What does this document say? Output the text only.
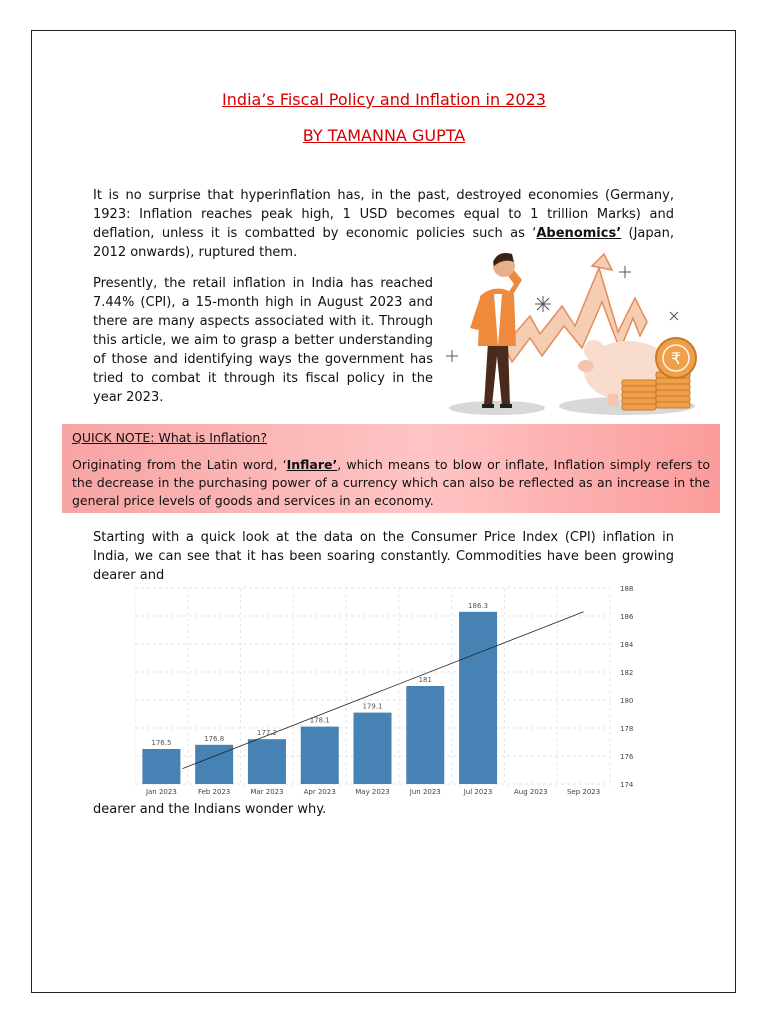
India’s Fiscal Policy and Inflation in 2023
BY TAMANNA GUPTA

It is no surprise that hyperinflation has, in the past, destroyed economies (Germany, 1923: Inflation reaches peak high, 1 USD becomes equal to 1 trillion Marks) and deflation, unless it is combatted by economic policies such as ‘Abenomics’ (Japan, 2012 onwards), ruptured them.

Presently, the retail inflation in India has reached 7.44% (CPI), a 15-month high in August 2023 and there are many aspects associated with it. Through this article, we aim to grasp a better understanding of those and identifying ways the government has tried to combat it through its fiscal policy in the year 2023.

₹
QUICK NOTE: What is Inflation?

Originating from the Latin word, ‘Inflare’, which means to blow or inflate, Inflation simply refers to the decrease in the purchasing power of a currency which can also be reflected as an increase in the general price levels of goods and services in an economy.

Starting with a quick look at the data on the Consumer Price Index (CPI) inflation in India, we can see that it has been soaring constantly. Commodities have been growing dearer and

174
176
178
180
182
184
186
188
176.5
176.8
177.2
178.1
179.1
181
186.3
Jan 2023	Feb 2023	Mar 2023	Apr 2023	May 2023	Jun 2023	Jul 2023	Aug 2023	Sep 2023

dearer and the Indians wonder why.
